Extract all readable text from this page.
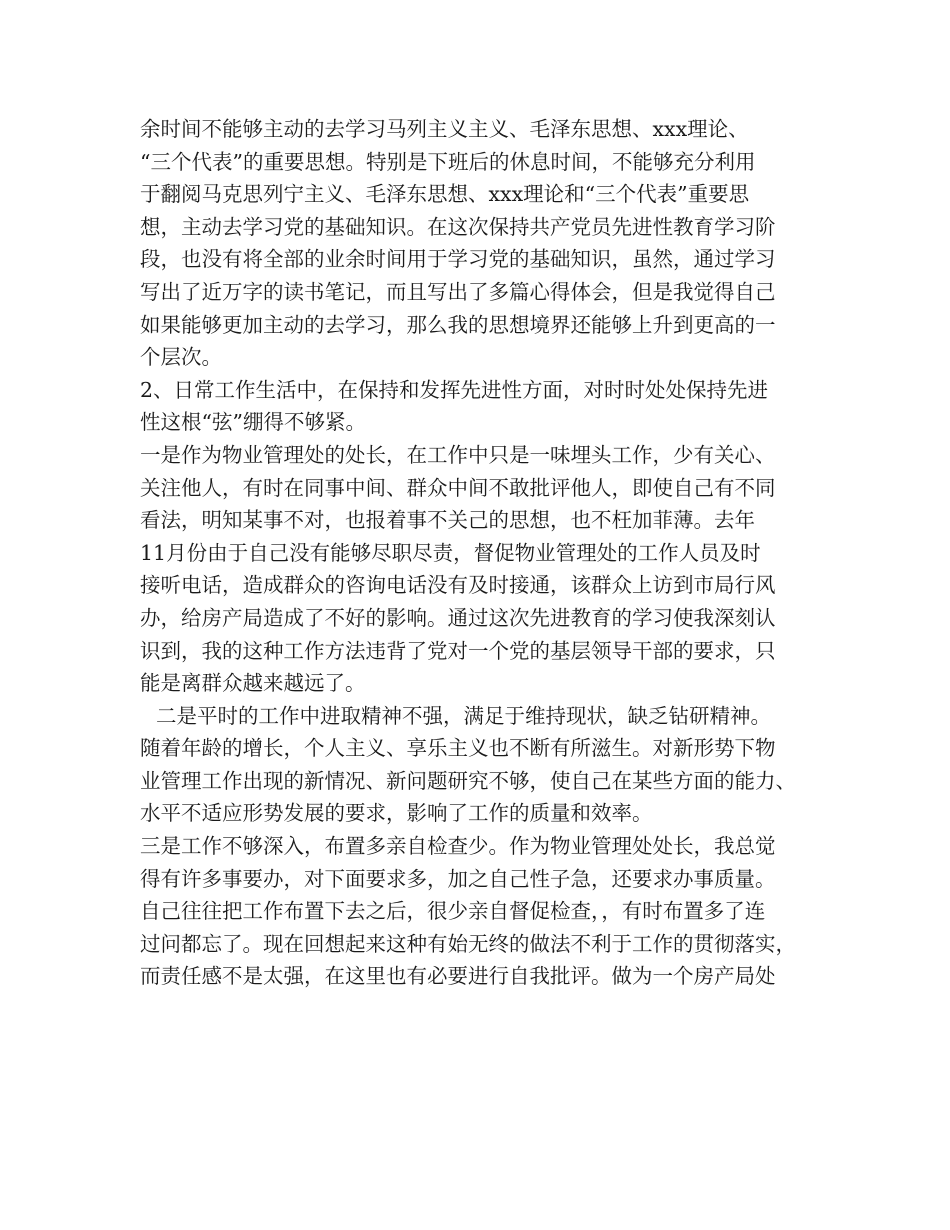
余时间不能够主动的去学习马列主义主义、毛泽东思想、xxx理论、
“三个代表”的重要思想。特别是下班后的休息时间，不能够充分利用
于翻阅马克思列宁主义、毛泽东思想、xxx理论和“三个代表”重要思
想，主动去学习党的基础知识。在这次保持共产党员先进性教育学习阶
段，也没有将全部的业余时间用于学习党的基础知识，虽然，通过学习
写出了近万字的读书笔记，而且写出了多篇心得体会，但是我觉得自己
如果能够更加主动的去学习，那么我的思想境界还能够上升到更高的一
个层次。
2、日常工作生活中，在保持和发挥先进性方面，对时时处处保持先进
性这根“弦”绷得不够紧。
一是作为物业管理处的处长，在工作中只是一味埋头工作，少有关心、
关注他人，有时在同事中间、群众中间不敢批评他人，即使自己有不同
看法，明知某事不对，也报着事不关己的思想，也不枉加菲薄。去年
11月份由于自己没有能够尽职尽责，督促物业管理处的工作人员及时
接听电话，造成群众的咨询电话没有及时接通，该群众上访到市局行风
办，给房产局造成了不好的影响。通过这次先进教育的学习使我深刻认
识到，我的这种工作方法违背了党对一个党的基层领导干部的要求，只
能是离群众越来越远了。
二是平时的工作中进取精神不强，满足于维持现状，缺乏钻研精神。
随着年龄的增长，个人主义、享乐主义也不断有所滋生。对新形势下物
业管理工作出现的新情况、新问题研究不够，使自己在某些方面的能力、
水平不适应形势发展的要求，影响了工作的质量和效率。
三是工作不够深入，布置多亲自检查少。作为物业管理处处长，我总觉
得有许多事要办，对下面要求多，加之自己性子急，还要求办事质量。
自己往往把工作布置下去之后，很少亲自督促检查，，有时布置多了连
过问都忘了。现在回想起来这种有始无终的做法不利于工作的贯彻落实，
而责任感不是太强，在这里也有必要进行自我批评。做为一个房产局处
